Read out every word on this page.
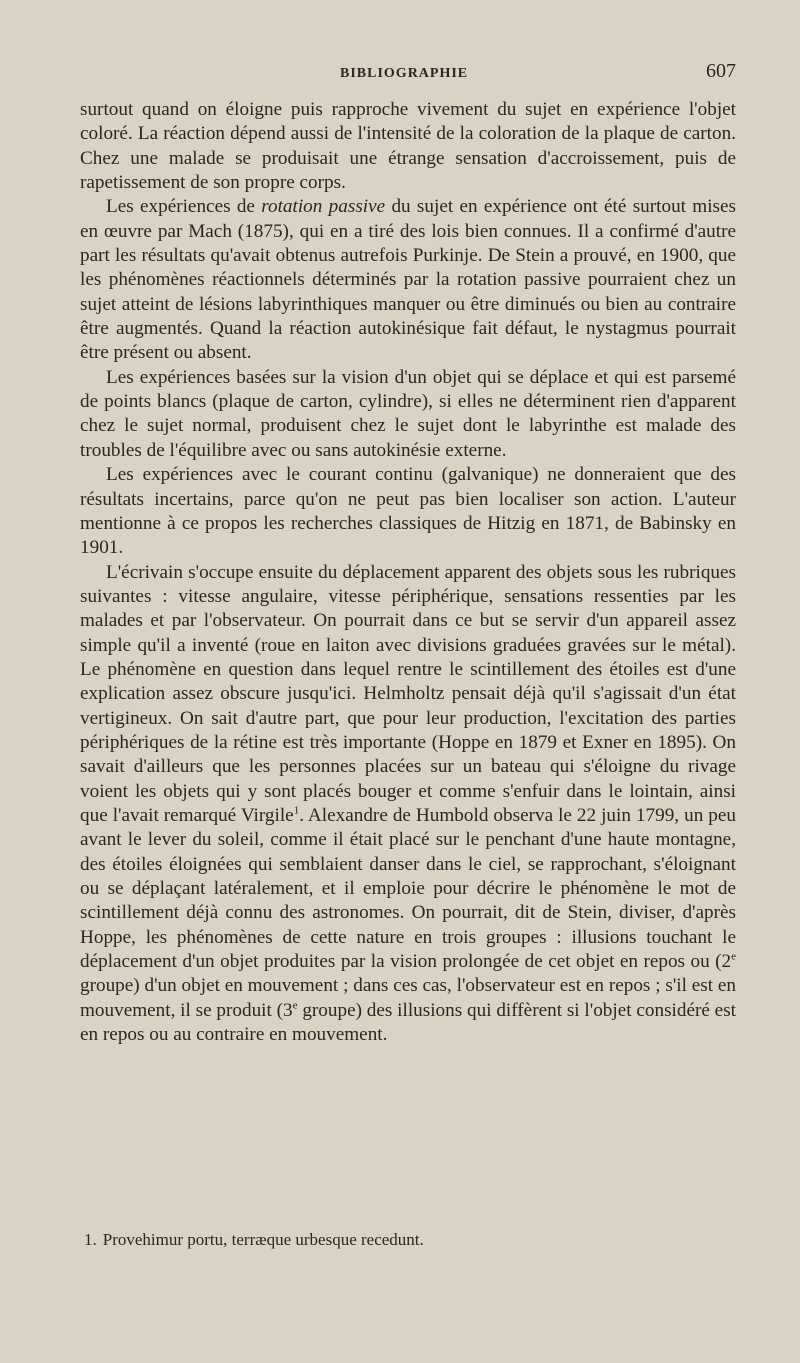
BIBLIOGRAPHIE	607

surtout quand on éloigne puis rapproche vivement du sujet en expérience l'objet coloré. La réaction dépend aussi de l'intensité de la coloration de la plaque de carton. Chez une malade se produisait une étrange sensation d'accroissement, puis de rapetissement de son propre corps.

Les expériences de rotation passive du sujet en expérience ont été surtout mises en œuvre par Mach (1875), qui en a tiré des lois bien connues. Il a confirmé d'autre part les résultats qu'avait obtenus autrefois Purkinje. De Stein a prouvé, en 1900, que les phénomènes réactionnels déterminés par la rotation passive pourraient chez un sujet atteint de lésions labyrinthiques manquer ou être diminués ou bien au contraire être augmentés. Quand la réaction autokinésique fait défaut, le nystagmus pourrait être présent ou absent.

Les expériences basées sur la vision d'un objet qui se déplace et qui est parsemé de points blancs (plaque de carton, cylindre), si elles ne déterminent rien d'apparent chez le sujet normal, produisent chez le sujet dont le labyrinthe est malade des troubles de l'équilibre avec ou sans autokinésie externe.

Les expériences avec le courant continu (galvanique) ne donneraient que des résultats incertains, parce qu'on ne peut pas bien localiser son action. L'auteur mentionne à ce propos les recherches classiques de Hitzig en 1871, de Babinsky en 1901.

L'écrivain s'occupe ensuite du déplacement apparent des objets sous les rubriques suivantes : vitesse angulaire, vitesse périphérique, sensations ressenties par les malades et par l'observateur. On pourrait dans ce but se servir d'un appareil assez simple qu'il a inventé (roue en laiton avec divisions graduées gravées sur le métal). Le phénomène en question dans lequel rentre le scintillement des étoiles est d'une explication assez obscure jusqu'ici. Helmholtz pensait déjà qu'il s'agissait d'un état vertigineux. On sait d'autre part, que pour leur production, l'excitation des parties périphériques de la rétine est très importante (Hoppe en 1879 et Exner en 1895). On savait d'ailleurs que les personnes placées sur un bateau qui s'éloigne du rivage voient les objets qui y sont placés bouger et comme s'enfuir dans le lointain, ainsi que l'avait remarqué Virgile$^1$. Alexandre de Humbold observa le 22 juin 1799, un peu avant le lever du soleil, comme il était placé sur le penchant d'une haute montagne, des étoiles éloignées qui semblaient danser dans le ciel, se rapprochant, s'éloignant ou se déplaçant latéralement, et il emploie pour décrire le phénomène le mot de scintillement déjà connu des astronomes. On pourrait, dit de Stein, diviser, d'après Hoppe, les phénomènes de cette nature en trois groupes : illusions touchant le déplacement d'un objet produites par la vision prolongée de cet objet en repos ou (2e groupe) d'un objet en mouvement ; dans ces cas, l'observateur est en repos ; s'il est en mouvement, il se produit (3e groupe) des illusions qui diffèrent si l'objet considéré est en repos ou au contraire en mouvement.

1. Provehimur portu, terræque urbesque recedunt.
